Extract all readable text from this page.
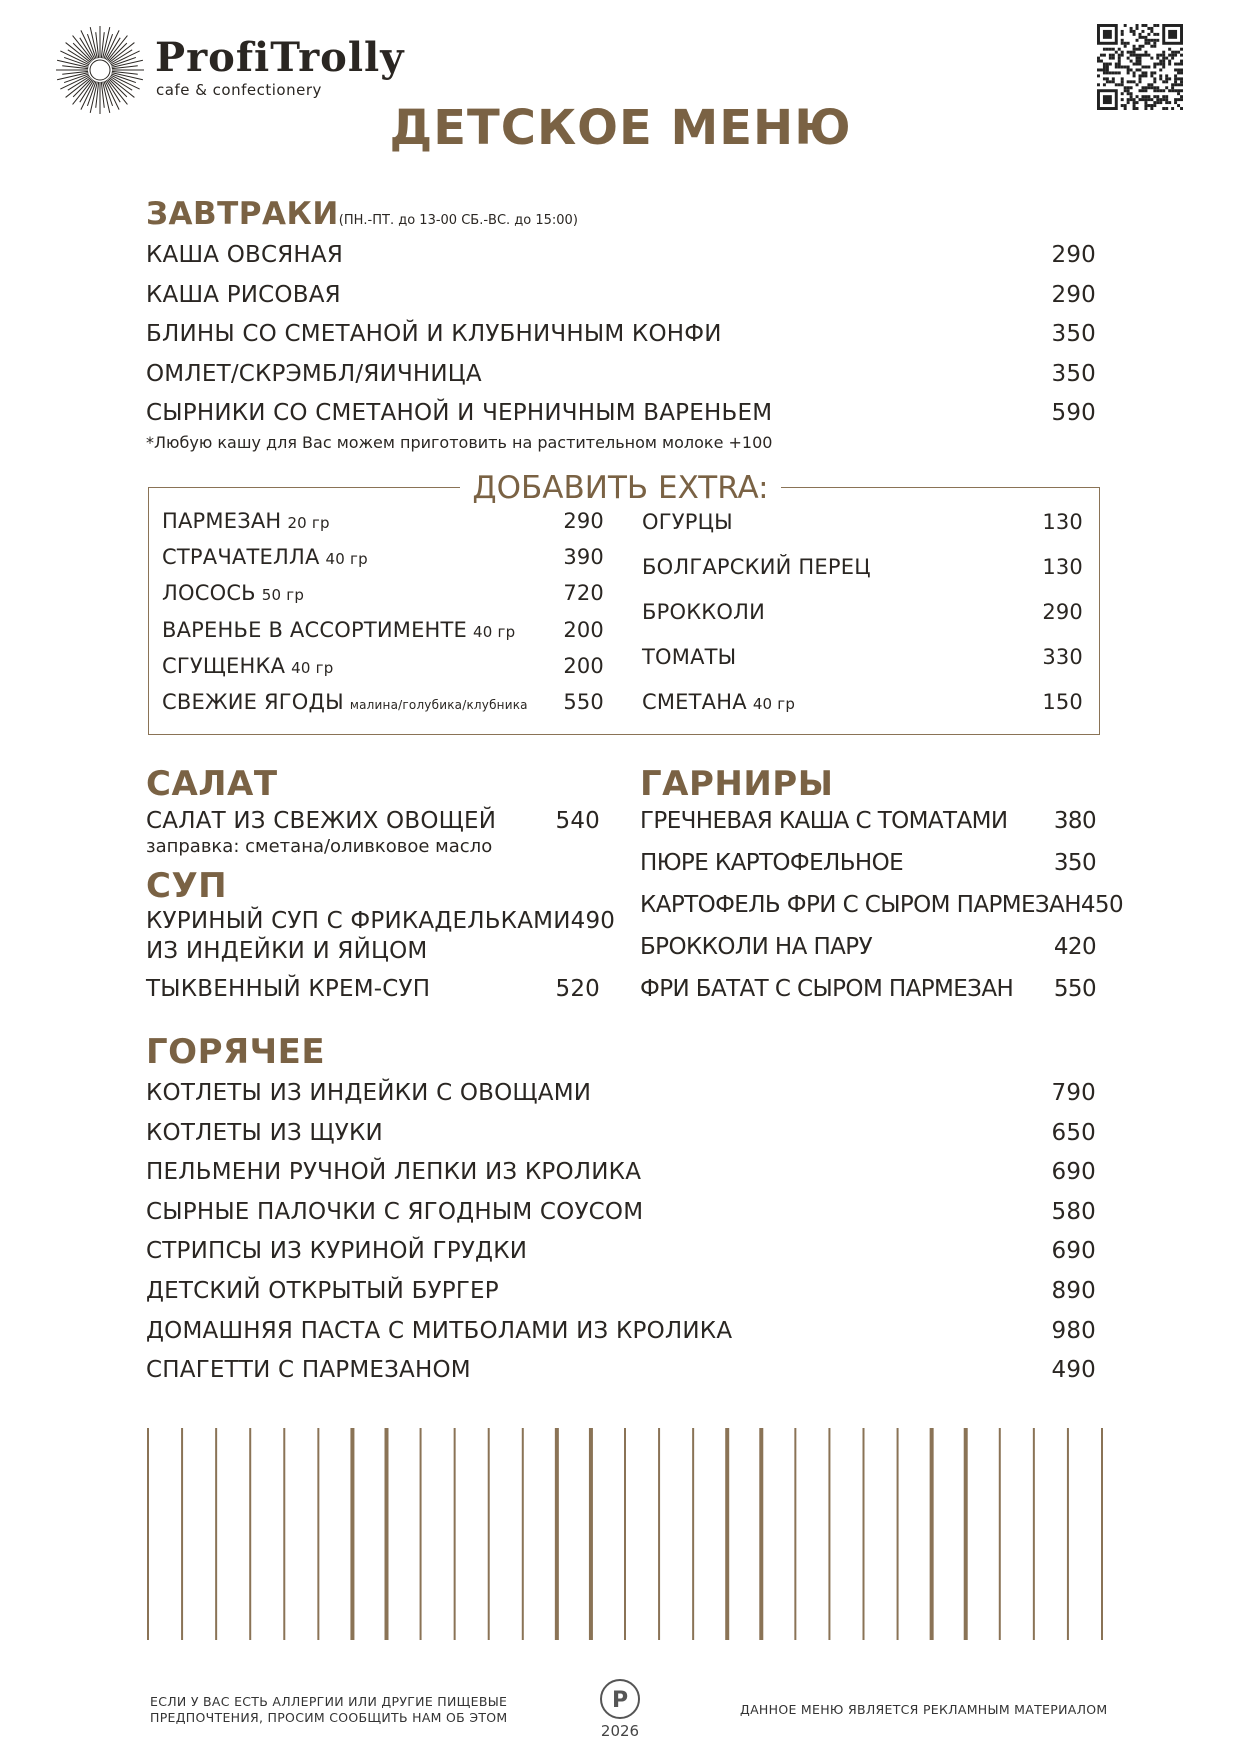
ProfiTrolly
cafe & confectionery
ДЕТСКОЕ МЕНЮ
ЗАВТРАКИ(ПН.-ПТ. до 13-00 СБ.-ВС. до 15:00)
КАША ОВСЯНАЯ	290
КАША РИСОВАЯ	290
БЛИНЫ СО СМЕТАНОЙ И КЛУБНИЧНЫМ КОНФИ	350
ОМЛЕТ/СКРЭМБЛ/ЯИЧНИЦА	350
СЫРНИКИ СО СМЕТАНОЙ И ЧЕРНИЧНЫМ ВАРЕНЬЕМ	590
*Любую кашу для Вас можем приготовить на растительном молоке +100
ДОБАВИТЬ EXTRA:
ПАРМЕЗАН 20 гр	290
СТРАЧАТЕЛЛА 40 гр	390
ЛОСОСЬ 50 гр	720
ВАРЕНЬЕ В АССОРТИМЕНТЕ 40 гр 200
СГУЩЕНКА 40 гр	200
СВЕЖИЕ ЯГОДЫ малина/голубика/клубника 550
ОГУРЦЫ	130
БОЛГАРСКИЙ ПЕРЕЦ	130
БРОККОЛИ	290
ТОМАТЫ	330
СМЕТАНА 40 гр	150
САЛАТ
САЛАТ ИЗ СВЕЖИХ ОВОЩЕЙ	540
заправка: сметана/оливковое масло
СУП
КУРИНЫЙ СУП С ФРИКАДЕЛЬКАМИ 490
ИЗ ИНДЕЙКИ И ЯЙЦОМ
ТЫКВЕННЫЙ КРЕМ-СУП	520
ГАРНИРЫ
ГРЕЧНЕВАЯ КАША С ТОМАТАМИ 380
ПЮРЕ КАРТОФЕЛЬНОЕ	350
КАРТОФЕЛЬ ФРИ С СЫРОМ ПАРМЕЗАН 450
БРОККОЛИ НА ПАРУ	420
ФРИ БАТАТ С СЫРОМ ПАРМЕЗАН 550
ГОРЯЧЕЕ
КОТЛЕТЫ ИЗ ИНДЕЙКИ С ОВОЩАМИ	790
КОТЛЕТЫ ИЗ ЩУКИ	650
ПЕЛЬМЕНИ РУЧНОЙ ЛЕПКИ ИЗ КРОЛИКА	690
СЫРНЫЕ ПАЛОЧКИ С ЯГОДНЫМ СОУСОМ	580
СТРИПСЫ ИЗ КУРИНОЙ ГРУДКИ	690
ДЕТСКИЙ ОТКРЫТЫЙ БУРГЕР	890
ДОМАШНЯЯ ПАСТА С МИТБОЛАМИ ИЗ КРОЛИКА	980
СПАГЕТТИ С ПАРМЕЗАНОМ	490
ЕСЛИ У ВАС ЕСТЬ АЛЛЕРГИИ ИЛИ ДРУГИЕ ПИЩЕВЫЕ
ПРЕДПОЧТЕНИЯ, ПРОСИМ СООБЩИТЬ НАМ ОБ ЭТОМ
P
2026
ДАННОЕ МЕНЮ ЯВЛЯЕТСЯ РЕКЛАМНЫМ МАТЕРИАЛОМ
